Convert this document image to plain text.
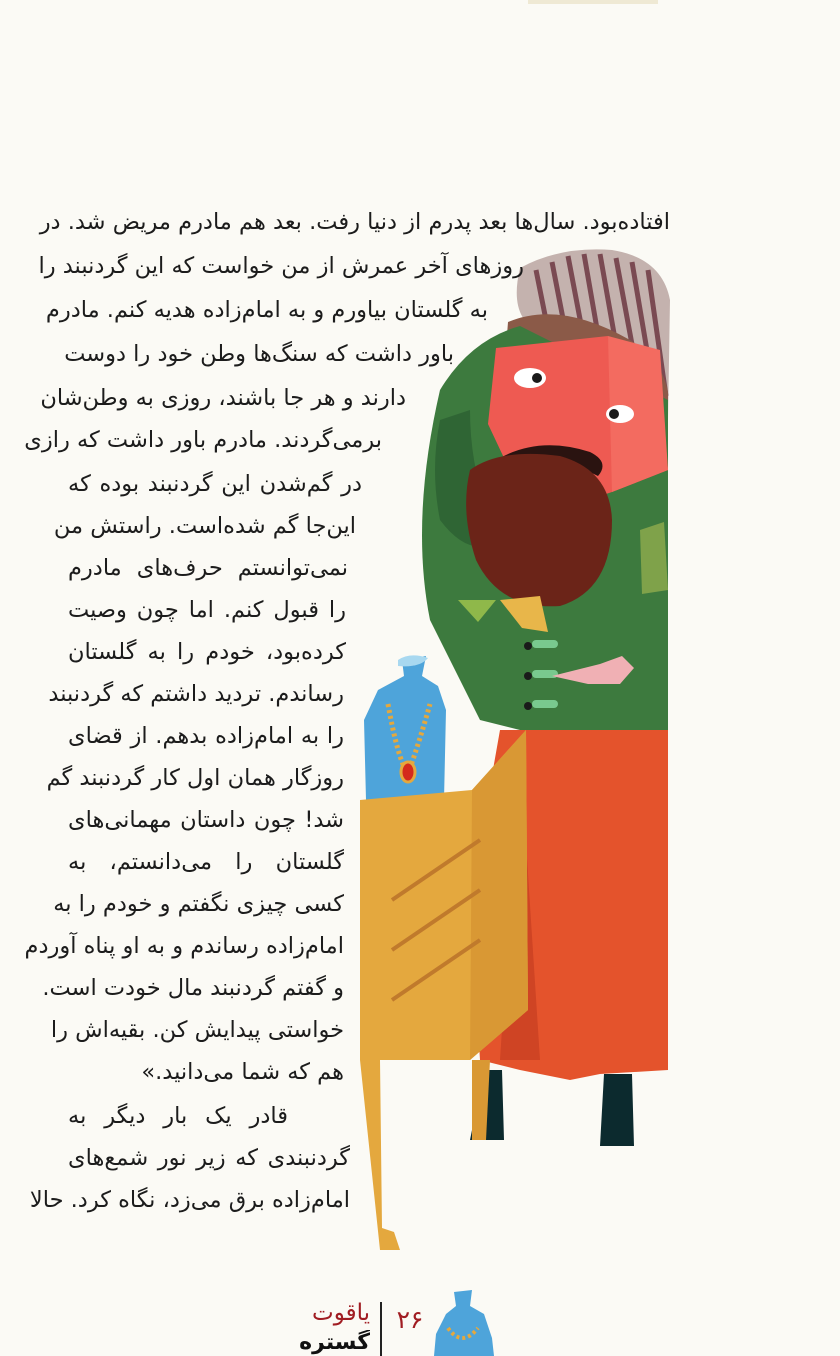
افتاده‌بود. سال‌ها بعد پدرم از دنیا رفت. بعد هم مادرم مریض شد. در
روزهای آخر عمرش از من خواست که این گردنبند را
به گلستان بیاورم و به امام‌زاده هدیه کنم. مادرم
باور داشت که سنگ‌ها وطن خود را دوست
دارند و هر جا باشند، روزی به وطن‌شان
برمی‌گردند. مادرم باور داشت که رازی
در گم‌شدن این گردنبند بوده که
این‌جا گم شده‌است. راستش من
نمی‌توانستم حرف‌های مادرم
را قبول کنم. اما چون وصیت
کرده‌بود، خودم را به گلستان
رساندم. تردید داشتم که گردنبند
را به امام‌زاده بدهم. از قضای
روزگار همان اول کار گردنبند گم
شد! چون داستان مهمانی‌های
گلستان را می‌دانستم، به
کسی چیزی نگفتم و خودم را به
امام‌زاده رساندم و به او پناه آوردم
و گفتم گردنبند مال خودت است.
خواستی پیدایش کن. بقیه‌اش را
هم که شما می‌دانید.»
قادر یک بار دیگر به
گردنبندی که زیر نور شمع‌های
امام‌زاده برق می‌زد، نگاه کرد. حالا
یاقوت
گستره
۲۶
